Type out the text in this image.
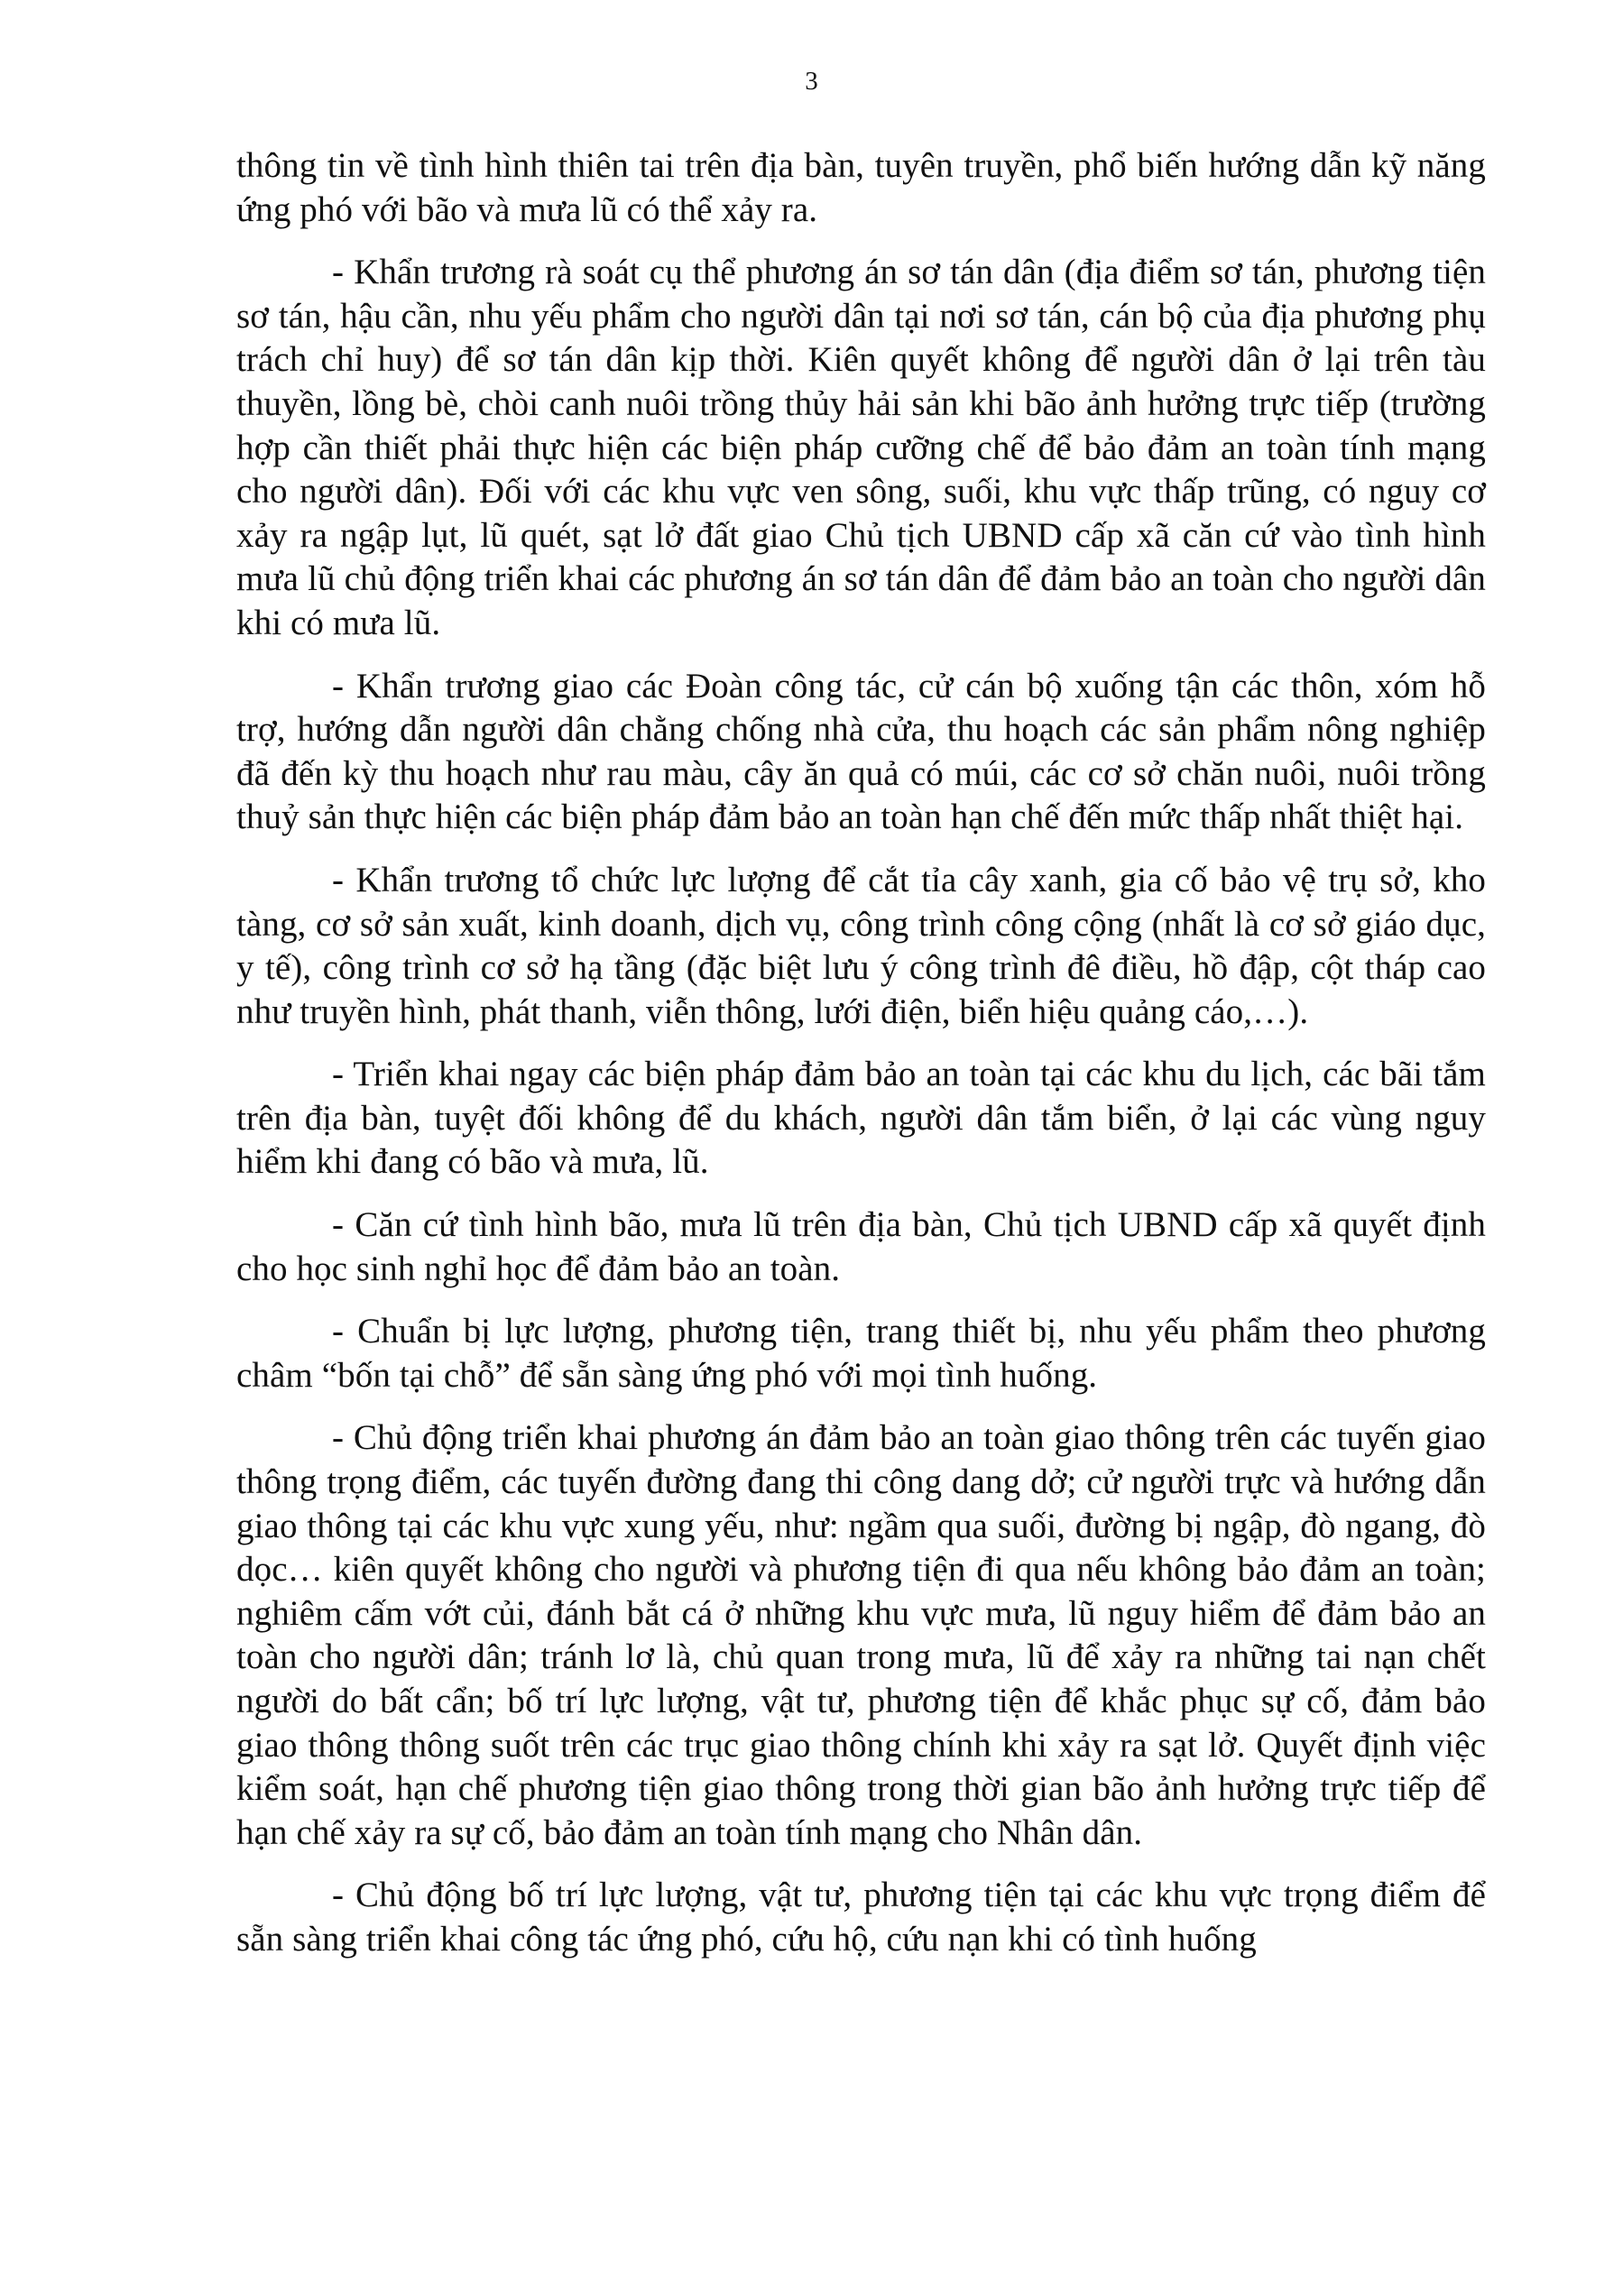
3

thông tin về tình hình thiên tai trên địa bàn, tuyên truyền, phổ biến hướng dẫn kỹ năng ứng phó với bão và mưa lũ có thể xảy ra.

- Khẩn trương rà soát cụ thể phương án sơ tán dân (địa điểm sơ tán, phương tiện sơ tán, hậu cần, nhu yếu phẩm cho người dân tại nơi sơ tán, cán bộ của địa phương phụ trách chỉ huy) để sơ tán dân kịp thời. Kiên quyết không để người dân ở lại trên tàu thuyền, lồng bè, chòi canh nuôi trồng thủy hải sản khi bão ảnh hưởng trực tiếp (trường hợp cần thiết phải thực hiện các biện pháp cưỡng chế để bảo đảm an toàn tính mạng cho người dân). Đối với các khu vực ven sông, suối, khu vực thấp trũng, có nguy cơ xảy ra ngập lụt, lũ quét, sạt lở đất giao Chủ tịch UBND cấp xã căn cứ vào tình hình mưa lũ chủ động triển khai các phương án sơ tán dân để đảm bảo an toàn cho người dân khi có mưa lũ.

- Khẩn trương giao các Đoàn công tác, cử cán bộ xuống tận các thôn, xóm hỗ trợ, hướng dẫn người dân chằng chống nhà cửa, thu hoạch các sản phẩm nông nghiệp đã đến kỳ thu hoạch như rau màu, cây ăn quả có múi, các cơ sở chăn nuôi, nuôi trồng thuỷ sản thực hiện các biện pháp đảm bảo an toàn hạn chế đến mức thấp nhất thiệt hại.

- Khẩn trương tổ chức lực lượng để cắt tỉa cây xanh, gia cố bảo vệ trụ sở, kho tàng, cơ sở sản xuất, kinh doanh, dịch vụ, công trình công cộng (nhất là cơ sở giáo dục, y tế), công trình cơ sở hạ tầng (đặc biệt lưu ý công trình đê điều, hồ đập, cột tháp cao như truyền hình, phát thanh, viễn thông, lưới điện, biển hiệu quảng cáo,…).

- Triển khai ngay các biện pháp đảm bảo an toàn tại các khu du lịch, các bãi tắm trên địa bàn, tuyệt đối không để du khách, người dân tắm biển, ở lại các vùng nguy hiểm khi đang có bão và mưa, lũ.

- Căn cứ tình hình bão, mưa lũ trên địa bàn, Chủ tịch UBND cấp xã quyết định cho học sinh nghỉ học để đảm bảo an toàn.

- Chuẩn bị lực lượng, phương tiện, trang thiết bị, nhu yếu phẩm theo phương châm “bốn tại chỗ” để sẵn sàng ứng phó với mọi tình huống.

- Chủ động triển khai phương án đảm bảo an toàn giao thông trên các tuyến giao thông trọng điểm, các tuyến đường đang thi công dang dở; cử người trực và hướng dẫn giao thông tại các khu vực xung yếu, như: ngầm qua suối, đường bị ngập, đò ngang, đò dọc… kiên quyết không cho người và phương tiện đi qua nếu không bảo đảm an toàn; nghiêm cấm vớt củi, đánh bắt cá ở những khu vực mưa, lũ nguy hiểm để đảm bảo an toàn cho người dân; tránh lơ là, chủ quan trong mưa, lũ để xảy ra những tai nạn chết người do bất cẩn; bố trí lực lượng, vật tư, phương tiện để khắc phục sự cố, đảm bảo giao thông thông suốt trên các trục giao thông chính khi xảy ra sạt lở. Quyết định việc kiểm soát, hạn chế phương tiện giao thông trong thời gian bão ảnh hưởng trực tiếp để hạn chế xảy ra sự cố, bảo đảm an toàn tính mạng cho Nhân dân.

- Chủ động bố trí lực lượng, vật tư, phương tiện tại các khu vực trọng điểm để sẵn sàng triển khai công tác ứng phó, cứu hộ, cứu nạn khi có tình huống
